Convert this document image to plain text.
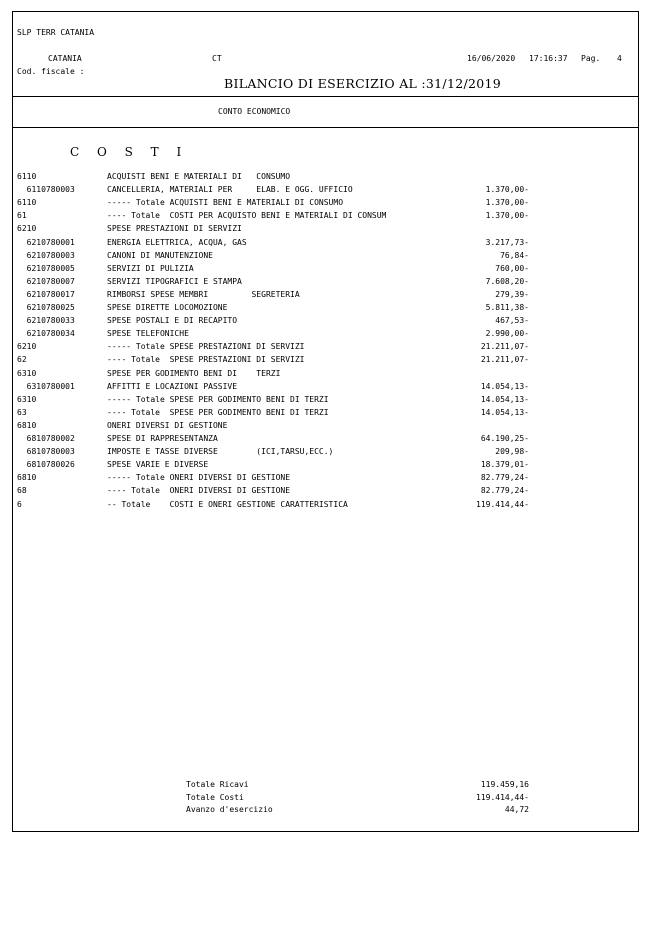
SLP TERR CATANIA
CATANIA	CT	16/06/2020 17:16:37 Pag. 4
Cod. fiscale :
BILANCIO DI ESERCIZIO AL :31/12/2019
CONTO ECONOMICO
C O S T I
6110	ACQUISTI BENI E MATERIALI DI   CONSUMO
6110780003	CANCELLERIA, MATERIALI PER     ELAB. E OGG. UFFICIO	1.370,00-
6110	----- Totale ACQUISTI BENI E MATERIALI DI CONSUMO	1.370,00-
61	---- Totale  COSTI PER ACQUISTO BENI E MATERIALI DI CONSUM	1.370,00-
6210	SPESE PRESTAZIONI DI SERVIZI
6210780001	ENERGIA ELETTRICA, ACQUA, GAS	3.217,73-
6210780003	CANONI DI MANUTENZIONE	76,84-
6210780005	SERVIZI DI PULIZIA	760,00-
6210780007	SERVIZI TIPOGRAFICI E STAMPA	7.608,20-
6210780017	RIMBORSI SPESE MEMBRI         SEGRETERIA	279,39-
6210780025	SPESE DIRETTE LOCOMOZIONE	5.811,38-
6210780033	SPESE POSTALI E DI RECAPITO	467,53-
6210780034	SPESE TELEFONICHE	2.990,00-
6210	----- Totale SPESE PRESTAZIONI DI SERVIZI	21.211,07-
62	---- Totale  SPESE PRESTAZIONI DI SERVIZI	21.211,07-
6310	SPESE PER GODIMENTO BENI DI    TERZI
6310780001	AFFITTI E LOCAZIONI PASSIVE	14.054,13-
6310	----- Totale SPESE PER GODIMENTO BENI DI TERZI	14.054,13-
63	---- Totale  SPESE PER GODIMENTO BENI DI TERZI	14.054,13-
6810	ONERI DIVERSI DI GESTIONE
6810780002	SPESE DI RAPPRESENTANZA	64.190,25-
6810780003	IMPOSTE E TASSE DIVERSE        (ICI,TARSU,ECC.)	209,98-
6810780026	SPESE VARIE E DIVERSE	18.379,01-
6810	----- Totale ONERI DIVERSI DI GESTIONE	82.779,24-
68	---- Totale  ONERI DIVERSI DI GESTIONE	82.779,24-
6	-- Totale    COSTI E ONERI GESTIONE CARATTERISTICA	119.414,44-
Totale Ricavi	119.459,16
Totale Costi	119.414,44-
Avanzo d'esercizio	44,72
